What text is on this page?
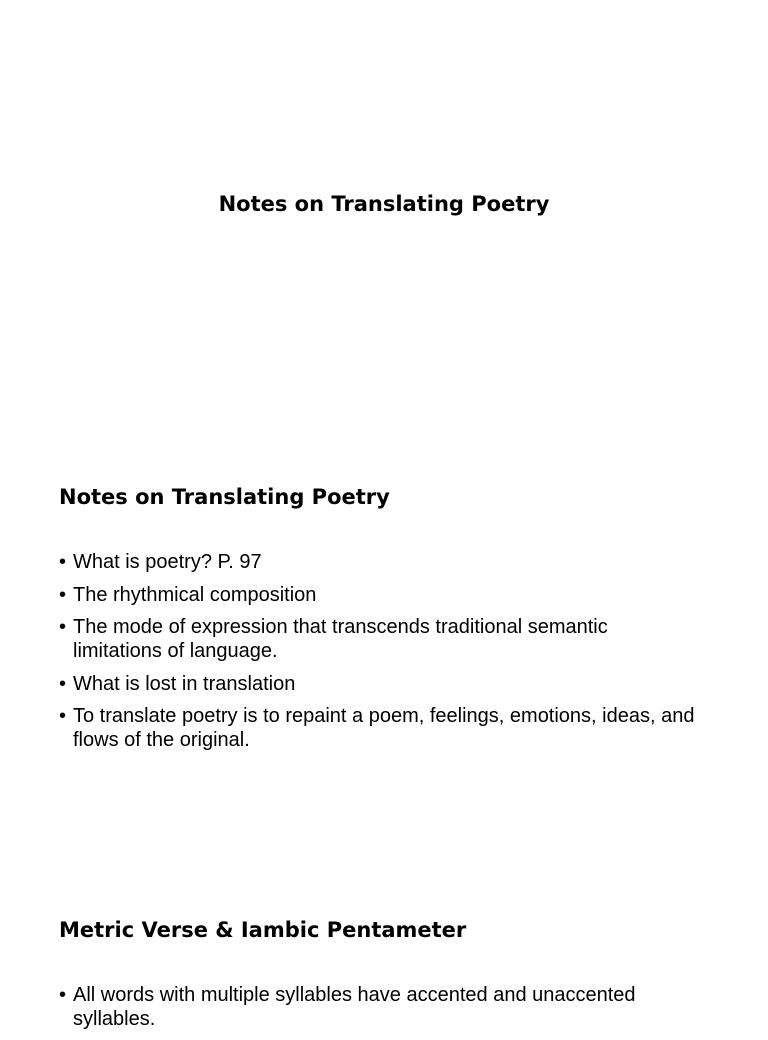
Notes on Translating Poetry
Notes on Translating Poetry
• What is poetry? P. 97
• The rhythmical composition
• The mode of expression that transcends traditional semantic limitations of language.
• What is lost in translation
• To translate poetry is to repaint a poem, feelings, emotions, ideas, and flows of the original.
Metric Verse & Iambic Pentameter
• All words with multiple syllables have accented and unaccented syllables.
